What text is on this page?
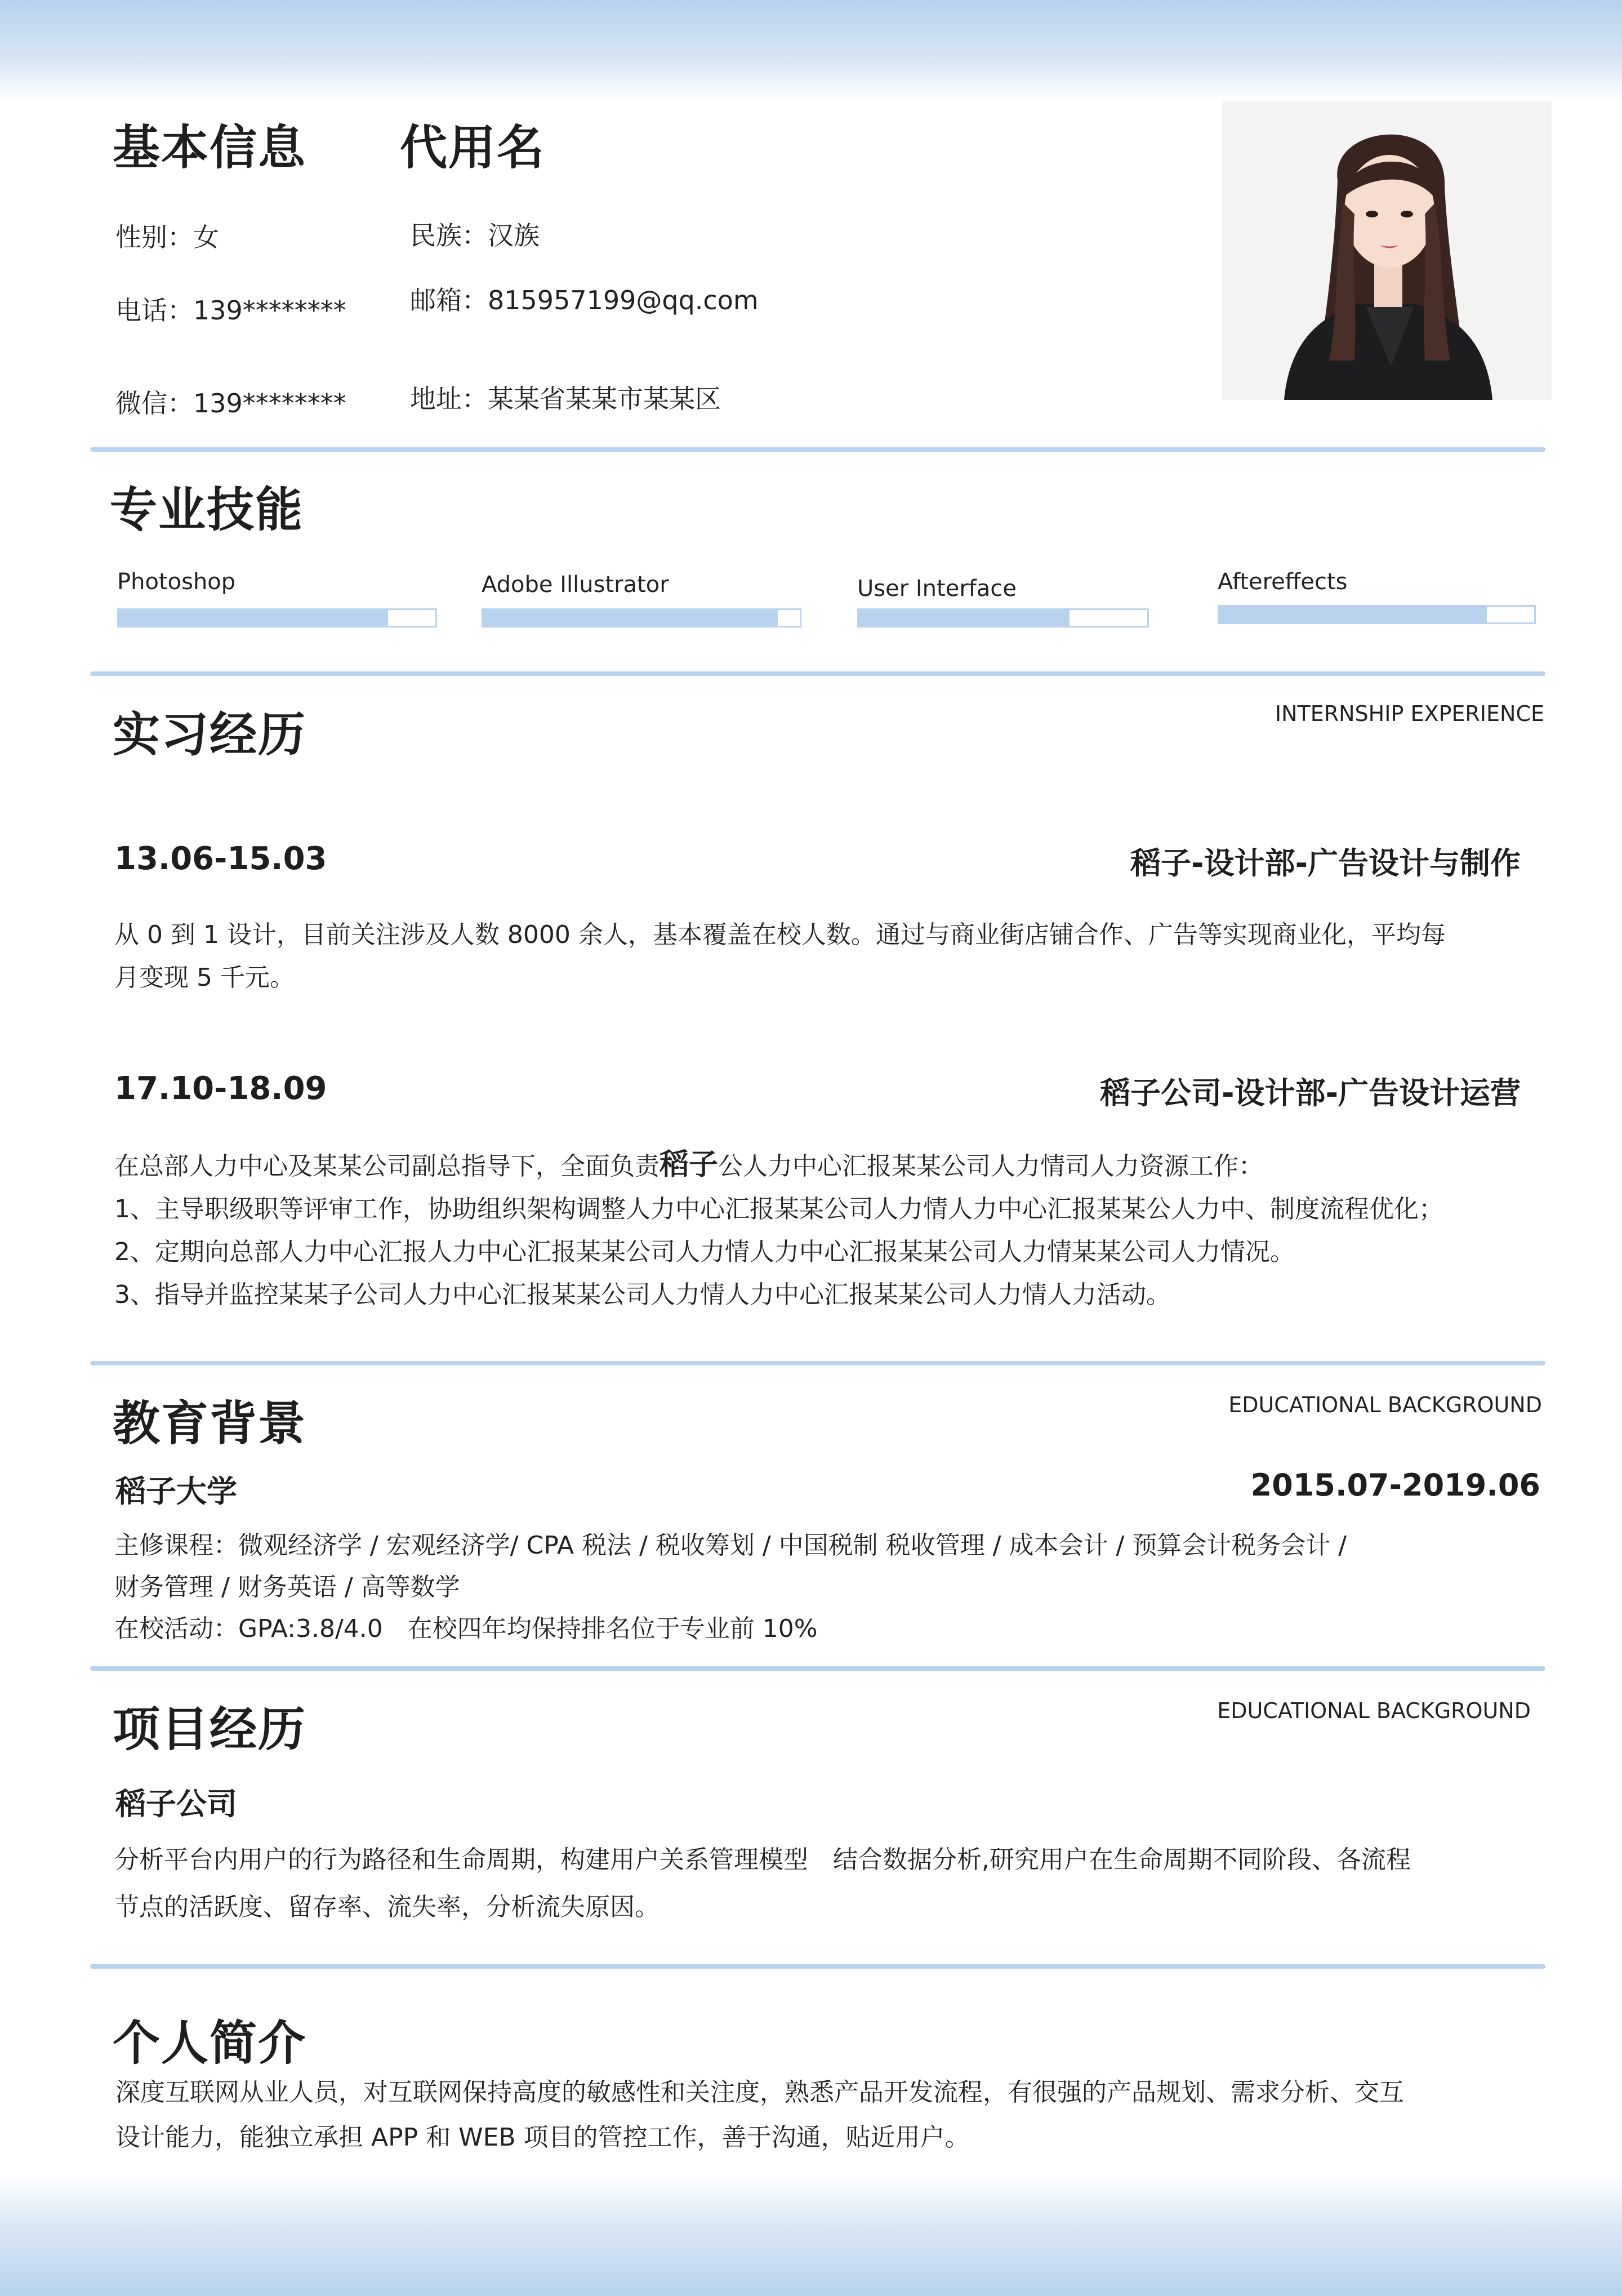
基本信息 代用名
性别：女	民族：汉族
电话：139******** 邮箱：815957199@qq.com
微信：139******** 地址：某某省某某市某某区
专业技能
Photoshop	Adobe Illustrator	User Interface	Aftereffects
实习经历	INTERNSHIP EXPERIENCE
13.06-15.03	稻子-设计部-广告设计与制作
从 0 到 1 设计，目前关注涉及人数 8000 余人，基本覆盖在校人数。通过与商业街店铺合作、广告等实现商业化，平均每
月变现 5 千元。
17.10-18.09	稻子公司-设计部-广告设计运营
在总部人力中心及某某公司副总指导下，全面负责稻子公人力中心汇报某某公司人力情司人力资源工作：
1、主导职级职等评审工作，协助组织架构调整人力中心汇报某某公司人力情人力中心汇报某某公人力中、制度流程优化；
2、定期向总部人力中心汇报人力中心汇报某某公司人力情人力中心汇报某某公司人力情某某公司人力情况。
3、指导并监控某某子公司人力中心汇报某某公司人力情人力中心汇报某某公司人力情人力活动。
教育背景	EDUCATIONAL BACKGROUND
稻子大学	2015.07-2019.06
主修课程：微观经济学 / 宏观经济学/ CPA 税法 / 税收筹划 / 中国税制 税收管理 / 成本会计 / 预算会计税务会计 /
财务管理 / 财务英语 / 高等数学
在校活动：GPA:3.8/4.0　在校四年均保持排名位于专业前 10%
项目经历	EDUCATIONAL BACKGROUND
稻子公司
分析平台内用户的行为路径和生命周期，构建用户关系管理模型　结合数据分析,研究用户在生命周期不同阶段、各流程
节点的活跃度、留存率、流失率，分析流失原因。
个人简介
深度互联网从业人员，对互联网保持高度的敏感性和关注度，熟悉产品开发流程，有很强的产品规划、需求分析、交互
设计能力，能独立承担 APP 和 WEB 项目的管控工作，善于沟通，贴近用户。
